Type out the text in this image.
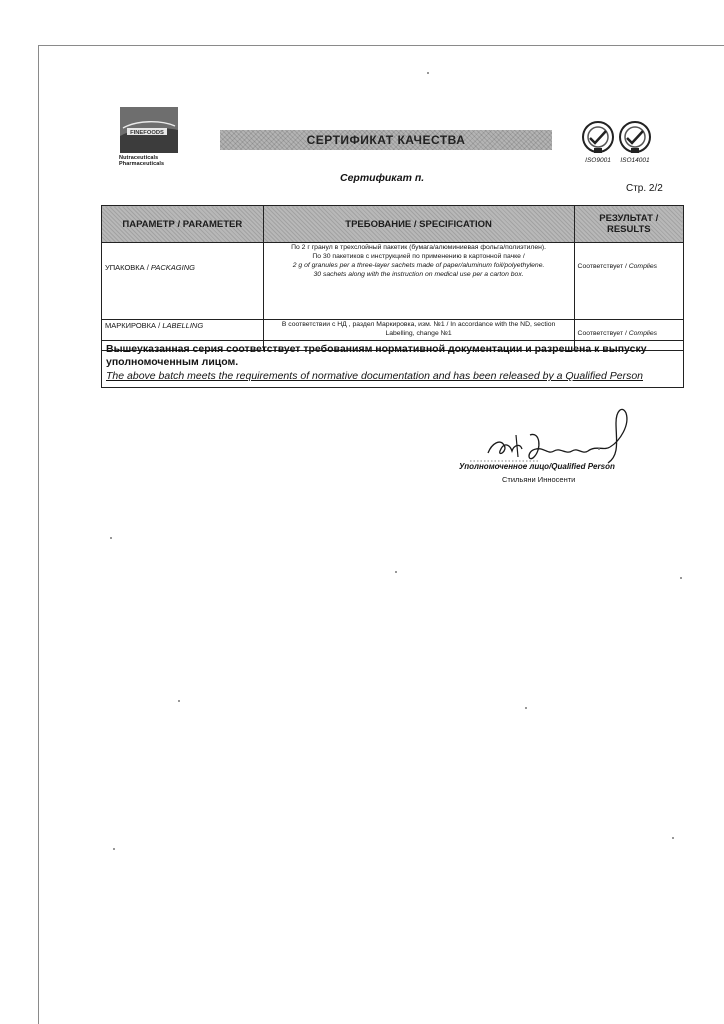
FINEFOODS
Nutraceuticals
Pharmaceuticals
СЕРТИФИКАТ КАЧЕСТВА
ISO9001	ISO14001
Сертификат п.
Стр. 2/2
ПАРАМЕТР / PARAMETER	ТРЕБОВАНИЕ / SPECIFICATION	РЕЗУЛЬТАТ / RESULTS
УПАКОВКА / PACKAGING	По 2 г гранул в трехслойный пакетик (бумага/алюминиевая фольга/полиэтилен).
По 30 пакетиков с инструкцией по применению в картонной пачке /
2 g of granules per a three-layer sachets made of paper/aluminum foil/polyethylene.
30 sachets along with the instruction on medical use per a carton box.	Соответствует / Complies
МАРКИРОВКА / LABELLING	В соответствии с НД , раздел Маркировка, изм. №1 / In accordance with the ND, section Labelling, change №1	Соответствует / Complies
Вышеуказанная серия соответствует требованиям нормативной документации и разрешена к выпуску уполномоченным лицом.
The above batch meets the requirements of normative documentation and has been released by a Qualified Person
Уполномоченное лицо/Qualified Person
Стильяни Инносенти
